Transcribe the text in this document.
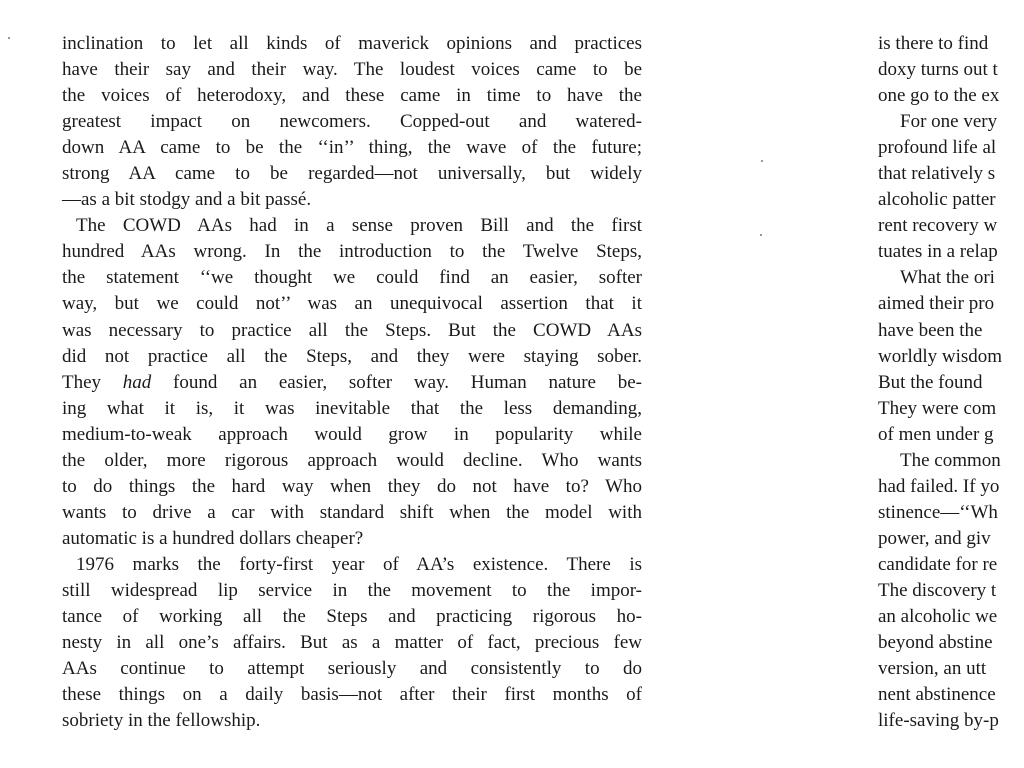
inclination to let all kinds of maverick opinions and practices
have their say and their way. The loudest voices came to be
the voices of heterodoxy, and these came in time to have the
greatest impact on newcomers. Copped-out and watered-
down AA came to be the ‘‘in’’ thing, the wave of the future;
strong AA came to be regarded—not universally, but widely
—as a bit stodgy and a bit passé.
The COWD AAs had in a sense proven Bill and the first
hundred AAs wrong. In the introduction to the Twelve Steps,
the statement ‘‘we thought we could find an easier, softer
way, but we could not’’ was an unequivocal assertion that it
was necessary to practice all the Steps. But the COWD AAs
did not practice all the Steps, and they were staying sober.
They had found an easier, softer way. Human nature be-
ing what it is, it was inevitable that the less demanding,
medium-to-weak approach would grow in popularity while
the older, more rigorous approach would decline. Who wants
to do things the hard way when they do not have to? Who
wants to drive a car with standard shift when the model with
automatic is a hundred dollars cheaper?
1976 marks the forty-first year of AA’s existence. There is
still widespread lip service in the movement to the impor-
tance of working all the Steps and practicing rigorous ho-
nesty in all one’s affairs. But as a matter of fact, precious few
AAs continue to attempt seriously and consistently to do
these things on a daily basis—not after their first months of
sobriety in the fellowship.
is there to find
doxy turns out t
one go to the ex
For one very
profound life al
that relatively s
alcoholic patter
rent recovery w
tuates in a relap
What the ori
aimed their pro
have been the
worldly wisdom
But the found
They were com
of men under g
The common
had failed. If yo
stinence—‘‘Wh
power, and giv
candidate for re
The discovery t
an alcoholic we
beyond abstine
version, an utt
nent abstinence
life-saving by-p
